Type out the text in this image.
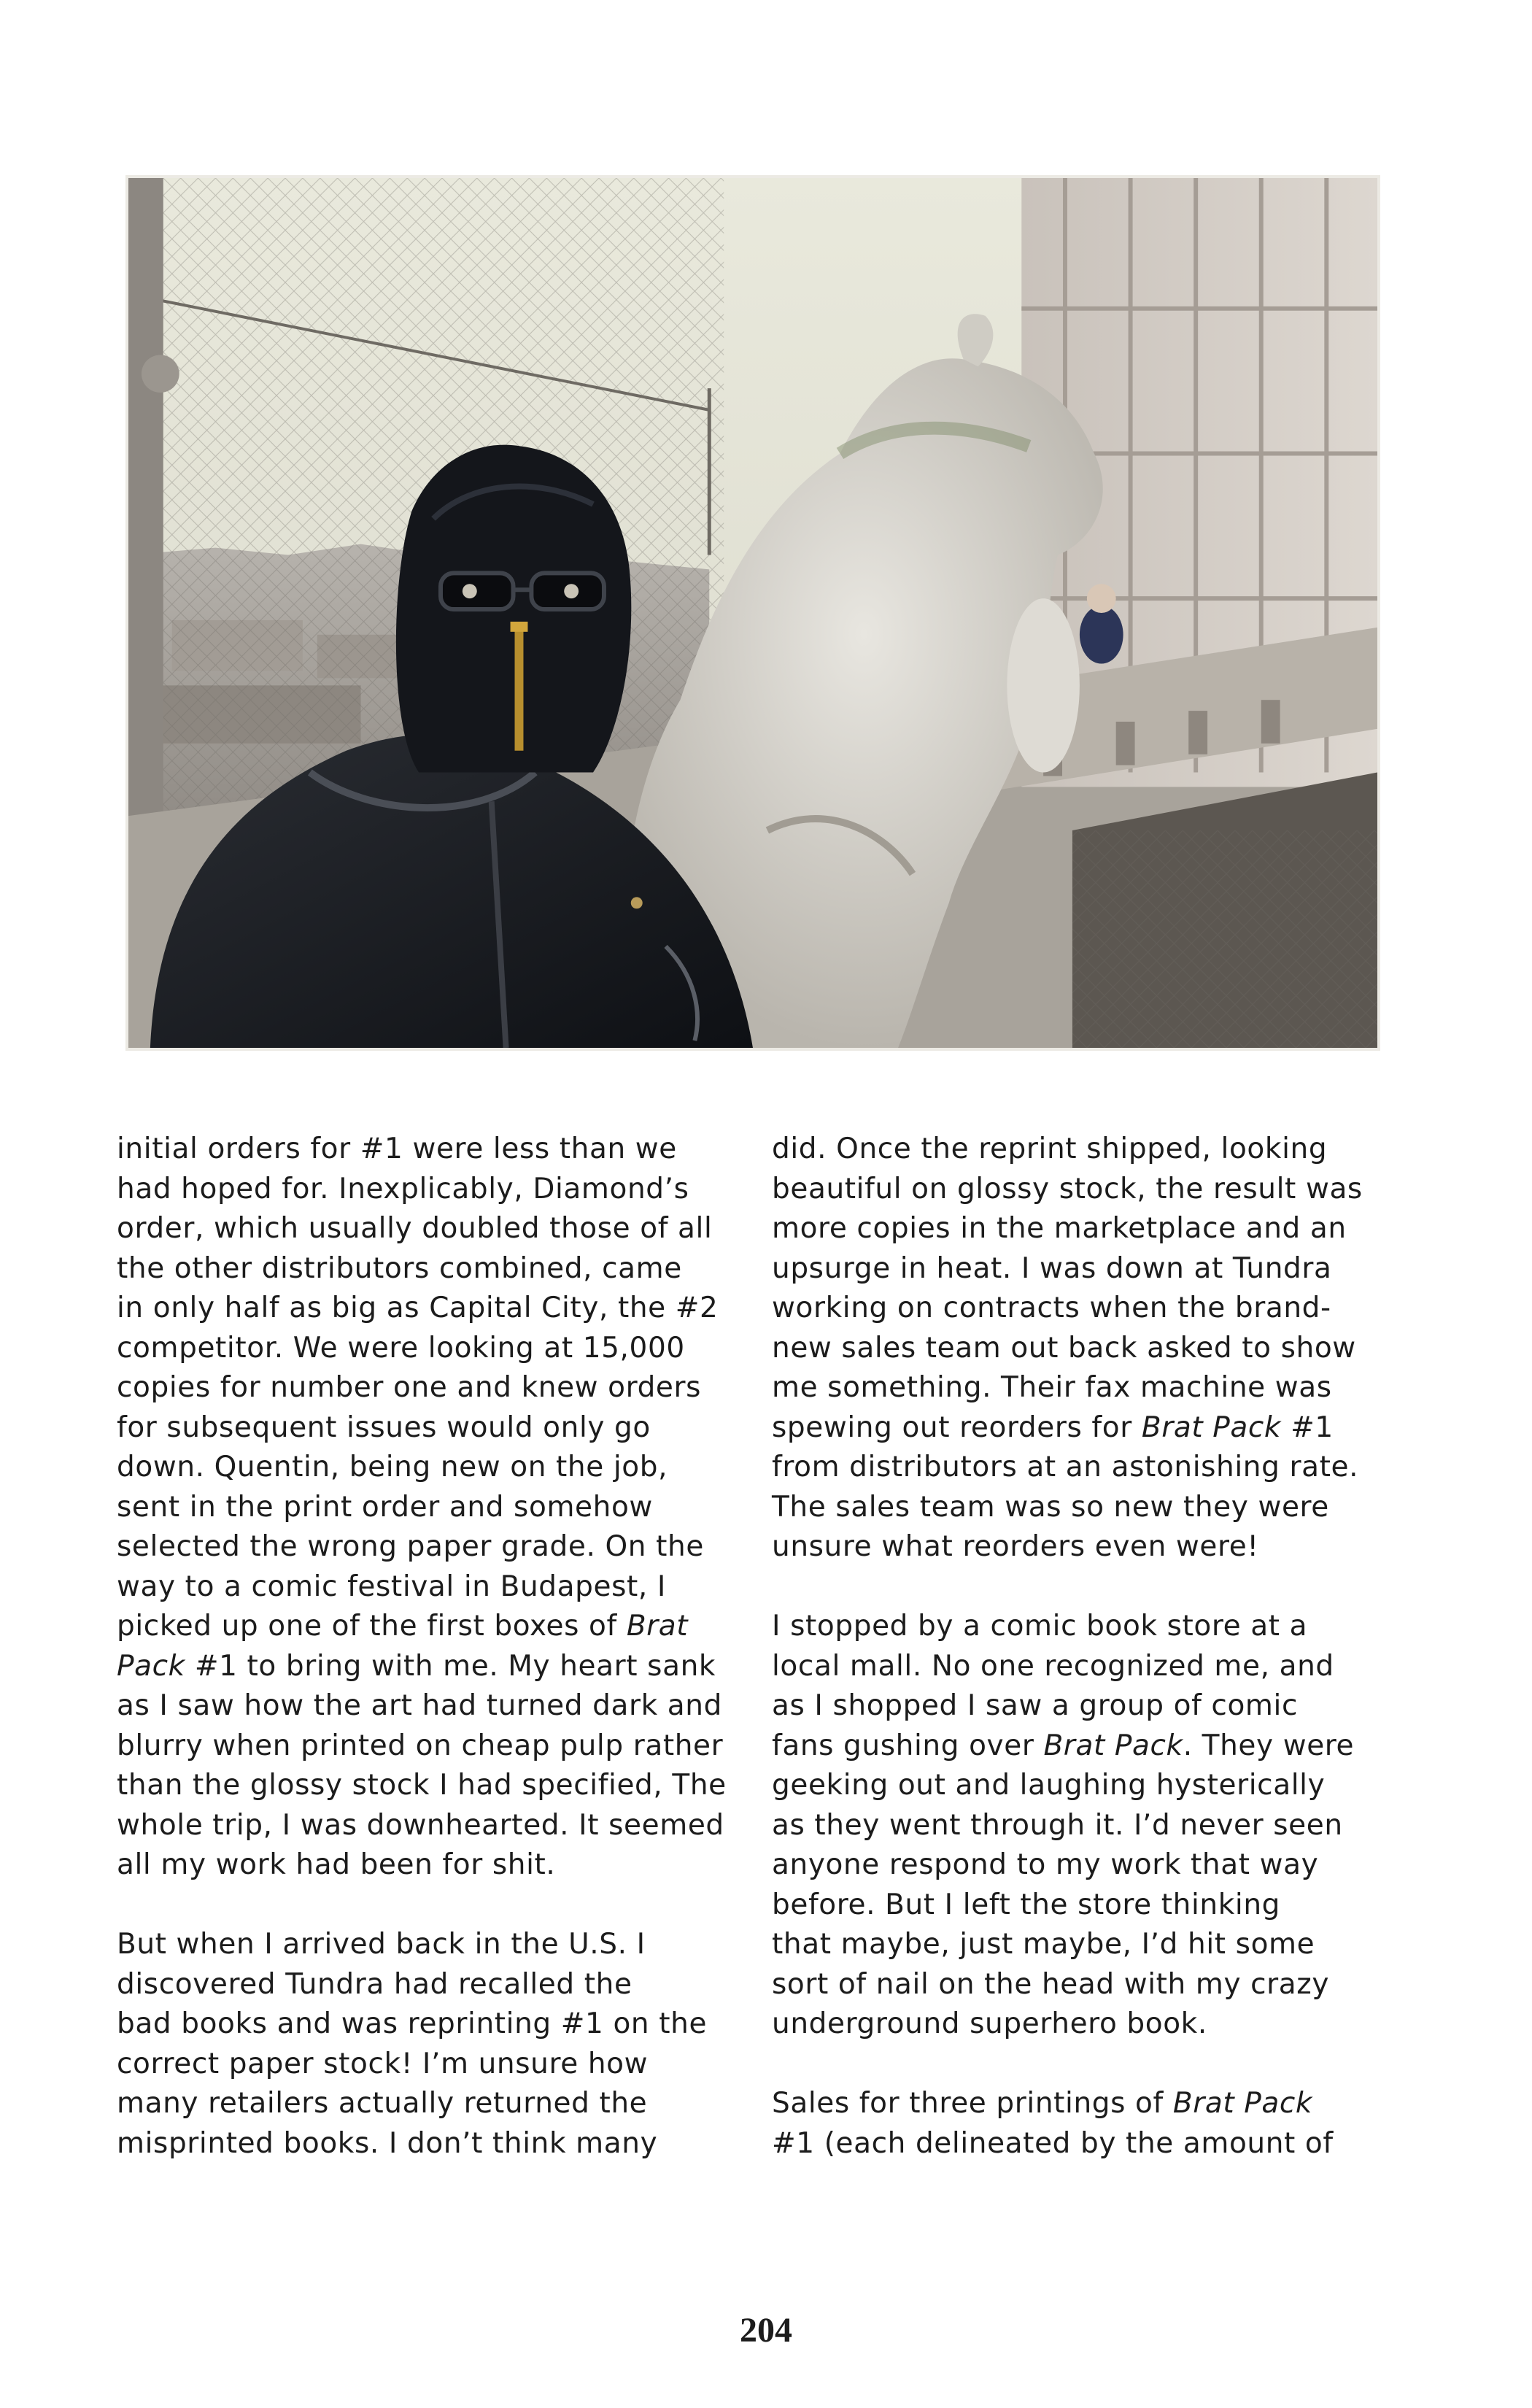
initial orders for #1 were less than we
had hoped for. Inexplicably, Diamond’s
order, which usually doubled those of all
the other distributors combined, came
in only half as big as Capital City, the #2
competitor. We were looking at 15,000
copies for number one and knew orders
for subsequent issues would only go
down. Quentin, being new on the job,
sent in the print order and somehow
selected the wrong paper grade. On the
way to a comic festival in Budapest, I
picked up one of the first boxes of Brat
Pack #1 to bring with me. My heart sank
as I saw how the art had turned dark and
blurry when printed on cheap pulp rather
than the glossy stock I had specified, The
whole trip, I was downhearted. It seemed
all my work had been for shit.
But when I arrived back in the U.S. I
discovered Tundra had recalled the
bad books and was reprinting #1 on the
correct paper stock! I’m unsure how
many retailers actually returned the
misprinted books. I don’t think many
did. Once the reprint shipped, looking
beautiful on glossy stock, the result was
more copies in the marketplace and an
upsurge in heat. I was down at Tundra
working on contracts when the brand-
new sales team out back asked to show
me something. Their fax machine was
spewing out reorders for Brat Pack #1
from distributors at an astonishing rate.
The sales team was so new they were
unsure what reorders even were!
I stopped by a comic book store at a
local mall. No one recognized me, and
as I shopped I saw a group of comic
fans gushing over Brat Pack. They were
geeking out and laughing hysterically
as they went through it. I’d never seen
anyone respond to my work that way
before. But I left the store thinking
that maybe, just maybe, I’d hit some
sort of nail on the head with my crazy
underground superhero book.
Sales for three printings of Brat Pack
#1 (each delineated by the amount of
204
